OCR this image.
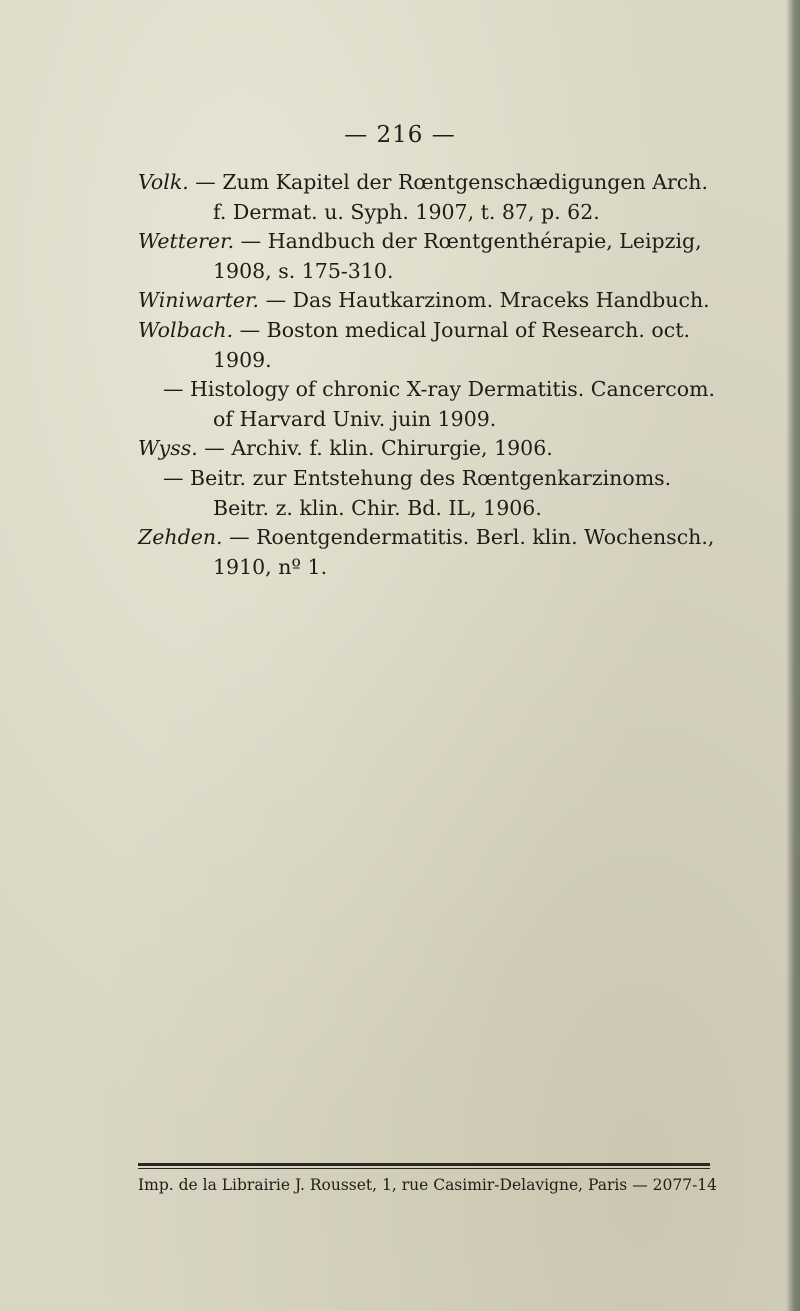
— 216 —

Volk. — Zum Kapitel der Rœntgenschædigungen Arch. f. Dermat. u. Syph. 1907, t. 87, p. 62.

Wetterer. — Handbuch der Rœntgenthérapie, Leipzig, 1908, s. 175-310.

Winiwarter. — Das Hautkarzinom. Mraceks Handbuch.

Wolbach. — Boston medical Journal of Research. oct. 1909.

— Histology of chronic X-ray Dermatitis. Cancercom. of Harvard Univ. juin 1909.

Wyss. — Archiv. f. klin. Chirurgie, 1906.

— Beitr. zur Entstehung des Rœntgenkarzinoms. Beitr. z. klin. Chir. Bd. IL, 1906.

Zehden. — Roentgendermatitis. Berl. klin. Wochensch., 1910, nº 1.

Imp. de la Librairie J. Rousset, 1, rue Casimir-Delavigne, Paris — 2077-14
